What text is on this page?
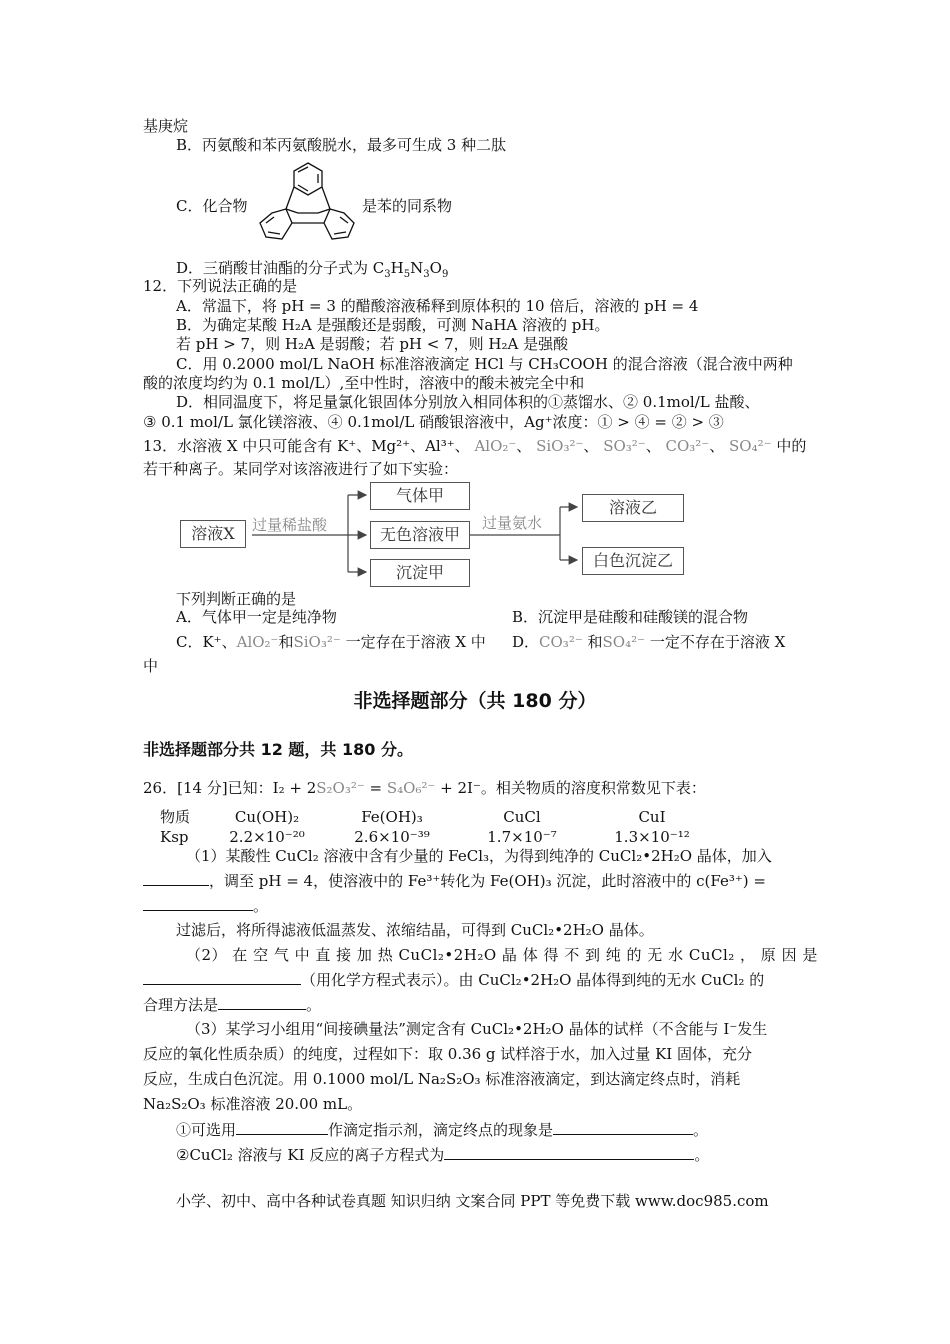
基庚烷
B．丙氨酸和苯丙氨酸脱水，最多可生成 3 种二肽
C．化合物	是苯的同系物
D．三硝酸甘油酯的分子式为 $C_3H_5N_3O_9$
12．下列说法正确的是
A．常温下，将 pH = 3 的醋酸溶液稀释到原体积的 10 倍后，溶液的 pH = 4
B．为确定某酸 H₂A 是强酸还是弱酸，可测 NaHA 溶液的 pH。
若 pH > 7，则 H₂A 是弱酸；若 pH < 7，则 H₂A 是强酸
C．用 0.2000 mol/L NaOH 标准溶液滴定 HCl 与 CH₃COOH 的混合溶液（混合液中两种
酸的浓度均约为 0.1 mol/L）,至中性时，溶液中的酸未被完全中和
D．相同温度下，将足量氯化银固体分别放入相同体积的①蒸馏水、② 0.1mol/L 盐酸、
③ 0.1 mol/L 氯化镁溶液、④ 0.1mol/L 硝酸银溶液中，Ag⁺浓度：① > ④ = ② > ③
13．水溶液 X 中只可能含有 K⁺、Mg²⁺、Al³⁺、 AlO₂⁻、 SiO₃²⁻、 SO₃²⁻、 CO₃²⁻、 SO₄²⁻ 中的
若干种离子。某同学对该溶液进行了如下实验：
溶液X	过量稀盐酸
气体甲
无色溶液甲
沉淀甲
过量氨水
溶液乙
白色沉淀乙
下列判断正确的是
A．气体甲一定是纯净物	B．沉淀甲是硅酸和硅酸镁的混合物
C．K⁺、AlO₂⁻和SiO₃²⁻ 一定存在于溶液 X 中 D．CO₃²⁻ 和SO₄²⁻ 一定不存在于溶液 X
中
非选择题部分（共 180 分）
非选择题部分共 12 题，共 180 分。
26．[14 分]已知：I₂ + 2S₂O₃²⁻ = S₄O₆²⁻ + 2I⁻。相关物质的溶度积常数见下表：
物质	Cu(OH)₂	Fe(OH)₃	CuCl	CuI
Ksp	2.2×10⁻²⁰	2.6×10⁻³⁹	1.7×10⁻⁷	1.3×10⁻¹²
（1）某酸性 CuCl₂ 溶液中含有少量的 FeCl₃，为得到纯净的 CuCl₂•2H₂O 晶体，加入
，调至 pH = 4，使溶液中的 Fe³⁺转化为 Fe(OH)₃ 沉淀，此时溶液中的 c(Fe³⁺) =
。
过滤后，将所得滤液低温蒸发、浓缩结晶，可得到 CuCl₂•2H₂O 晶体。
（2） 在 空 气 中 直 接 加 热 CuCl₂•2H₂O 晶 体 得 不 到 纯 的 无 水 CuCl₂ ， 原 因 是
（用化学方程式表示）。由 CuCl₂•2H₂O 晶体得到纯的无水 CuCl₂ 的
合理方法是	。
（3）某学习小组用“间接碘量法”测定含有 CuCl₂•2H₂O 晶体的试样（不含能与 I⁻发生
反应的氧化性质杂质）的纯度，过程如下：取 0.36 g 试样溶于水，加入过量 KI 固体，充分
反应，生成白色沉淀。用 0.1000 mol/L Na₂S₂O₃ 标准溶液滴定，到达滴定终点时，消耗
Na₂S₂O₃ 标准溶液 20.00 mL。
①可选用	作滴定指示剂，滴定终点的现象是	。
②CuCl₂ 溶液与 KI 反应的离子方程式为	。
小学、初中、高中各种试卷真题 知识归纳 文案合同 PPT 等免费下载 www.doc985.com
